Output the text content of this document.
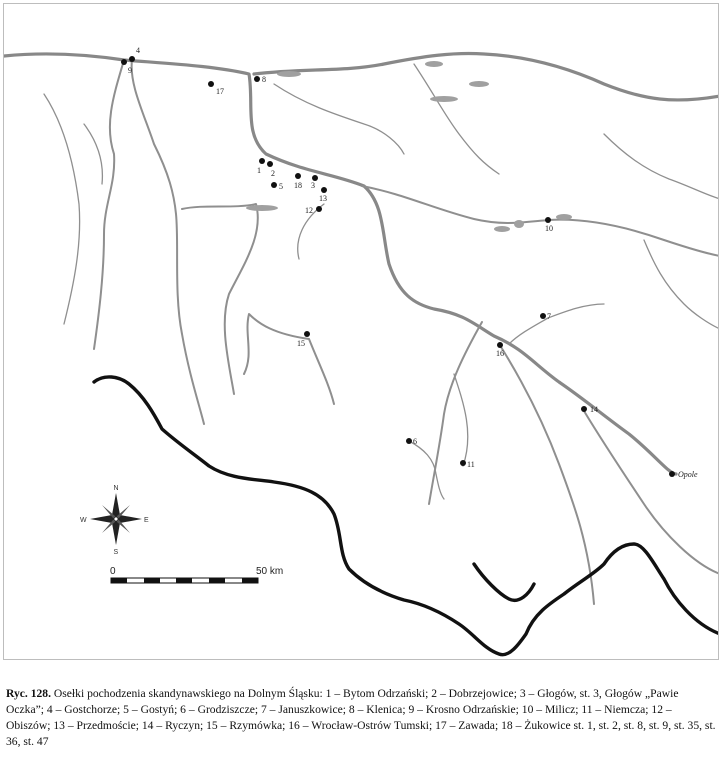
1 2
3
4
5
6
7
8
9
10
11
12
13
14
15
16
17
18
Opole
N
E
S
W
0	50 km

Ryc. 128. Osełki pochodzenia skandynawskiego na Dolnym Śląsku: 1 – Bytom Odrzański; 2 – Dobrzejowice; 3 – Głogów, st. 3, Głogów „Pawie Oczka”; 4 – Gostchorze; 5 – Gostyń; 6 – Grodziszcze; 7 – Januszkowice; 8 – Klenica; 9 – Krosno Odrzańskie; 10 – Milicz; 11 – Niemcza; 12 – Obiszów; 13 – Przedmoście; 14 – Ryczyn; 15 – Rzymówka; 16 – Wrocław-Ostrów Tumski; 17 – Zawada; 18 – Żukowice st. 1, st. 2, st. 8, st. 9, st. 35, st. 36, st. 47
